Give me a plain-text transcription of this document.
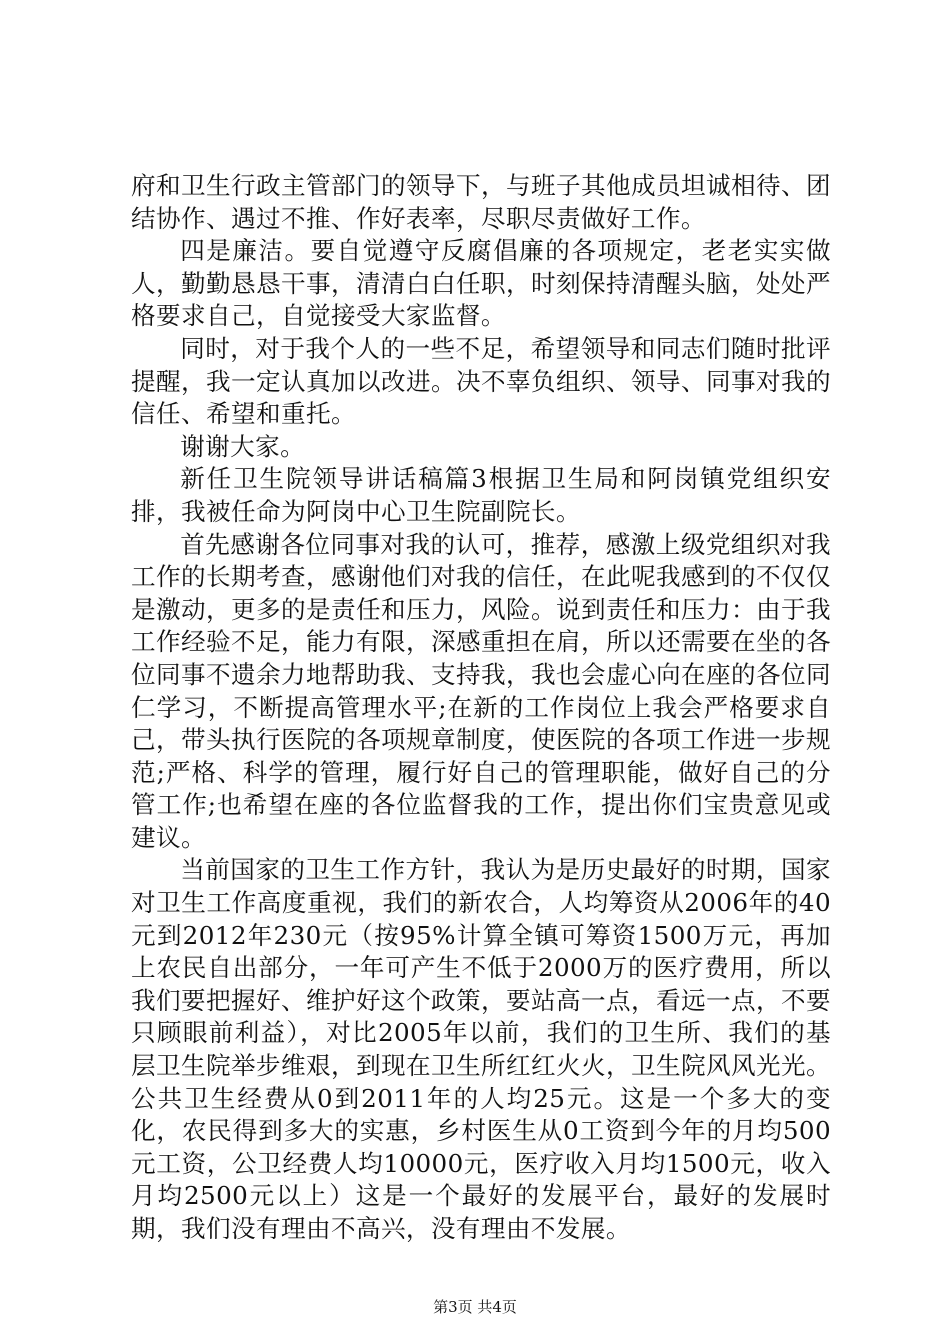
府和卫生行政主管部门的领导下，与班子其他成员坦诚相待、团结协作、遇过不推、作好表率，尽职尽责做好工作。

四是廉洁。要自觉遵守反腐倡廉的各项规定，老老实实做人，勤勤恳恳干事，清清白白任职，时刻保持清醒头脑，处处严格要求自己，自觉接受大家监督。

同时，对于我个人的一些不足，希望领导和同志们随时批评提醒，我一定认真加以改进。决不辜负组织、领导、同事对我的信任、希望和重托。

谢谢大家。

新任卫生院领导讲话稿篇3根据卫生局和阿岗镇党组织安排，我被任命为阿岗中心卫生院副院长。

首先感谢各位同事对我的认可，推荐，感激上级党组织对我工作的长期考查，感谢他们对我的信任，在此呢我感到的不仅仅是激动，更多的是责任和压力，风险。说到责任和压力：由于我工作经验不足，能力有限，深感重担在肩，所以还需要在坐的各位同事不遗余力地帮助我、支持我，我也会虚心向在座的各位同仁学习，不断提高管理水平;在新的工作岗位上我会严格要求自己，带头执行医院的各项规章制度，使医院的各项工作进一步规范;严格、科学的管理，履行好自己的管理职能，做好自己的分管工作;也希望在座的各位监督我的工作，提出你们宝贵意见或建议。

当前国家的卫生工作方针，我认为是历史最好的时期，国家对卫生工作高度重视，我们的新农合，人均筹资从2006年的40元到2012年230元（按95%计算全镇可筹资1500万元，再加上农民自出部分，一年可产生不低于2000万的医疗费用，所以我们要把握好、维护好这个政策，要站高一点，看远一点，不要只顾眼前利益），对比2005年以前，我们的卫生所、我们的基层卫生院举步维艰，到现在卫生所红红火火，卫生院风风光光。公共卫生经费从0到2011年的人均25元。这是一个多大的变化，农民得到多大的实惠，乡村医生从0工资到今年的月均500元工资，公卫经费人均10000元，医疗收入月均1500元，收入月均2500元以上）这是一个最好的发展平台，最好的发展时期，我们没有理由不高兴，没有理由不发展。

第3页 共4页
